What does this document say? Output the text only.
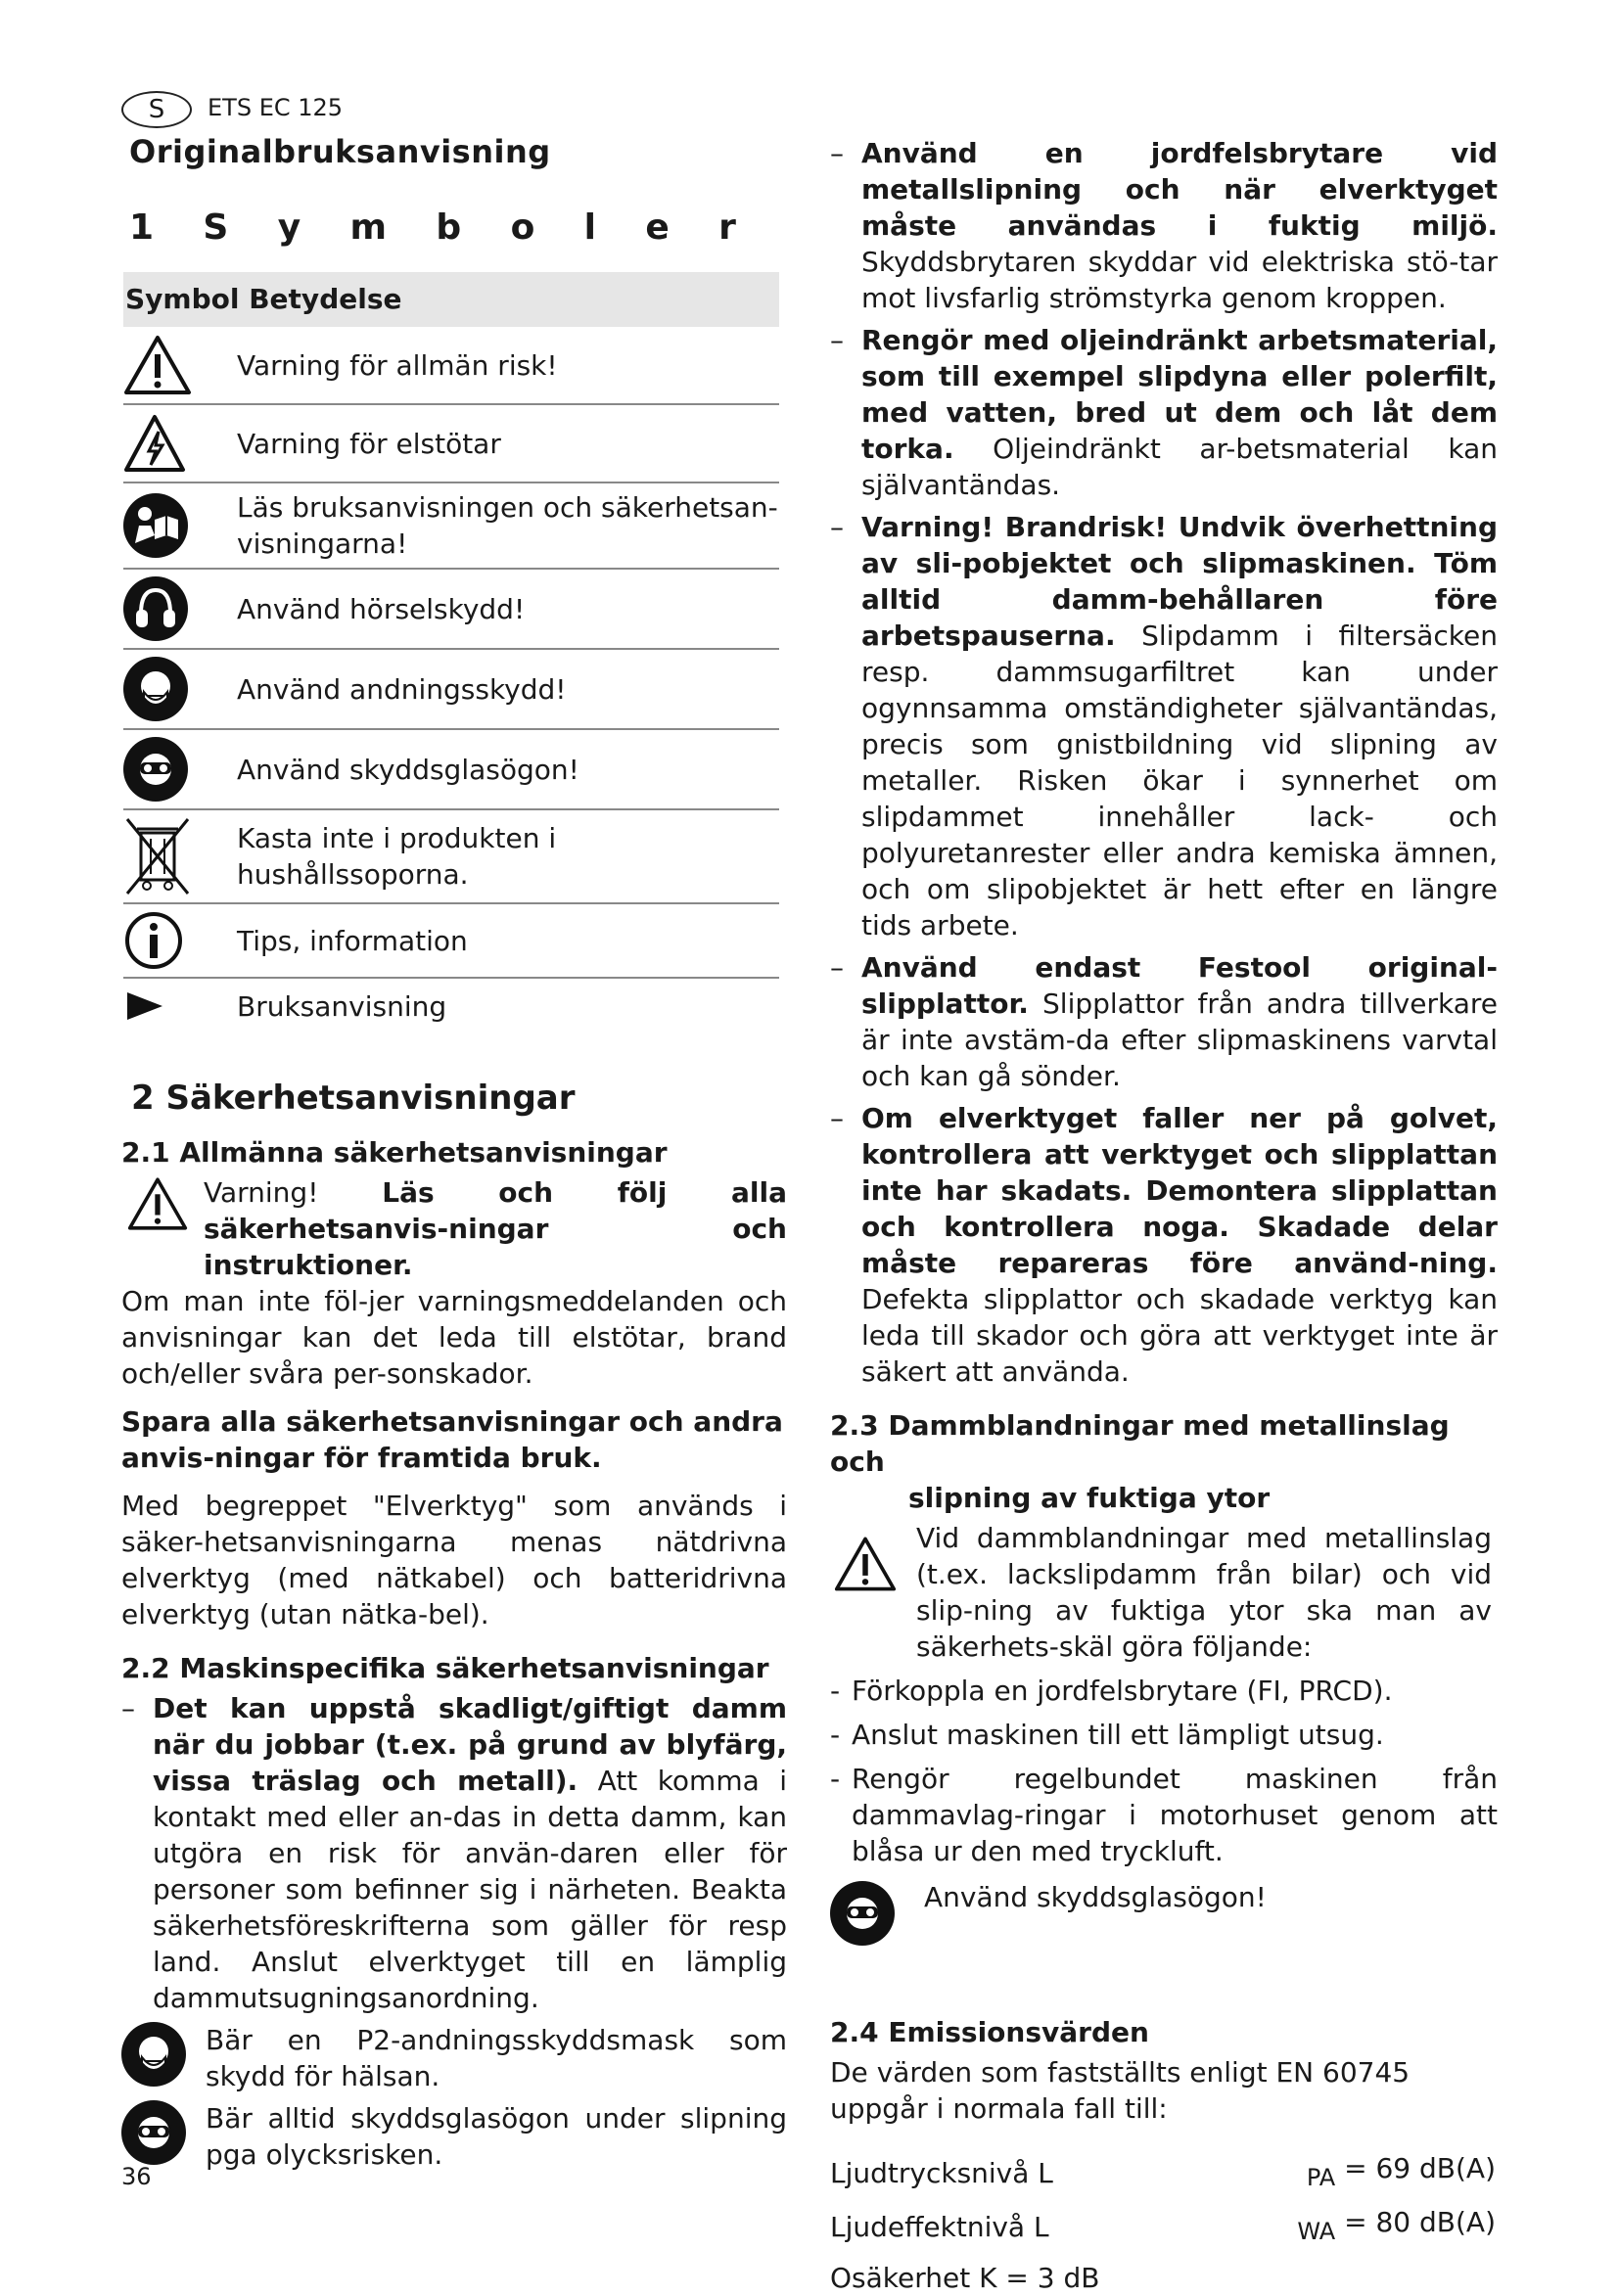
S	ETS EC 125
Originalbruksanvisning
1 S y m b o l e r
Symbol Betydelse
Varning för allmän risk!
Varning för elstötar
Läs bruksanvisningen och säkerhetsan-visningarna!
Använd hörselskydd!
Använd andningsskydd!
Använd skyddsglasögon!
Kasta inte i produkten i hushållssoporna.
Tips, information
Bruksanvisning
2 Säkerhetsanvisningar
2.1 Allmänna säkerhetsanvisningar

Varning! Läs och följ alla säkerhetsanvis-ningar och instruktioner.

Om man inte föl-jer varningsmeddelanden och anvisningar kan det leda till elstötar, brand och/eller svåra per-sonskador.

Spara alla säkerhetsanvisningar och andra anvis-ningar för framtida bruk.

Med begreppet "Elverktyg" som används i säker-hetsanvisningarna menas nätdrivna elverktyg (med nätkabel) och batteridrivna elverktyg (utan nätka-bel).

2.2 Maskinspecifika säkerhetsanvisningar
– Det kan uppstå skadligt/giftigt damm när du jobbar (t.ex. på grund av blyfärg, vissa träslag och metall). Att komma i kontakt med eller an-das in detta damm, kan utgöra en risk för använ-daren eller för personer som befinner sig i närheten. Beakta säkerhetsföreskrifterna som gäller för resp land. Anslut elverktyget till en lämplig dammutsugningsanordning.

Bär en P2-andningsskyddsmask som skydd för hälsan.

Bär alltid skyddsglasögon under slipning pga olycksrisken.

– Använd en jordfelsbrytare vid metallslipning och när elverktyget måste användas i fuktig miljö. Skyddsbrytaren skyddar vid elektriska stö-tar mot livsfarlig strömstyrka genom kroppen.
– Rengör med oljeindränkt arbetsmaterial, som till exempel slipdyna eller polerfilt, med vatten, bred ut dem och låt dem torka. Oljeindränkt ar-betsmaterial kan självantändas.
– Varning! Brandrisk! Undvik överhettning av sli-pobjektet och slipmaskinen. Töm alltid damm-behållaren före arbetspauserna. Slipdamm i filtersäcken resp. dammsugarfiltret kan under ogynnsamma omständigheter självantändas, precis som gnistbildning vid slipning av metaller. Risken ökar i synnerhet om slipdammet innehåller lack- och polyuretanrester eller andra kemiska ämnen, och om slipobjektet är hett efter en längre tids arbete.
– Använd endast Festool original-slipplattor. Slipplattor från andra tillverkare är inte avstäm-da efter slipmaskinens varvtal och kan gå sönder.
– Om elverktyget faller ner på golvet, kontrollera att verktyget och slipplattan inte har skadats. Demontera slipplattan och kontrollera noga. Skadade delar måste repareras före använd-ning. Defekta slipplattor och skadade verktyg kan leda till skador och göra att verktyget inte är säkert att använda.
2.3 Dammblandningar med metallinslag och
slipning av fuktiga ytor

Vid dammblandningar med metallinslag (t.ex. lackslipdamm från bilar) och vid slip-ning av fuktiga ytor ska man av säkerhets-skäl göra följande:

- Förkoppla en jordfelsbrytare (FI, PRCD).
- Anslut maskinen till ett lämpligt utsug.
- Rengör regelbundet maskinen från dammavlag-ringar i motorhuset genom att blåsa ur den med tryckluft.

Använd skyddsglasögon!

2.4 Emissionsvärden

De värden som fastställts enligt EN 60745 uppgår i normala fall till:

Ljudtrycksnivå L	PA = 69 dB(A)
Ljudeffektnivå L	WA = 80 dB(A)

Osäkerhet K = 3 dB

36
